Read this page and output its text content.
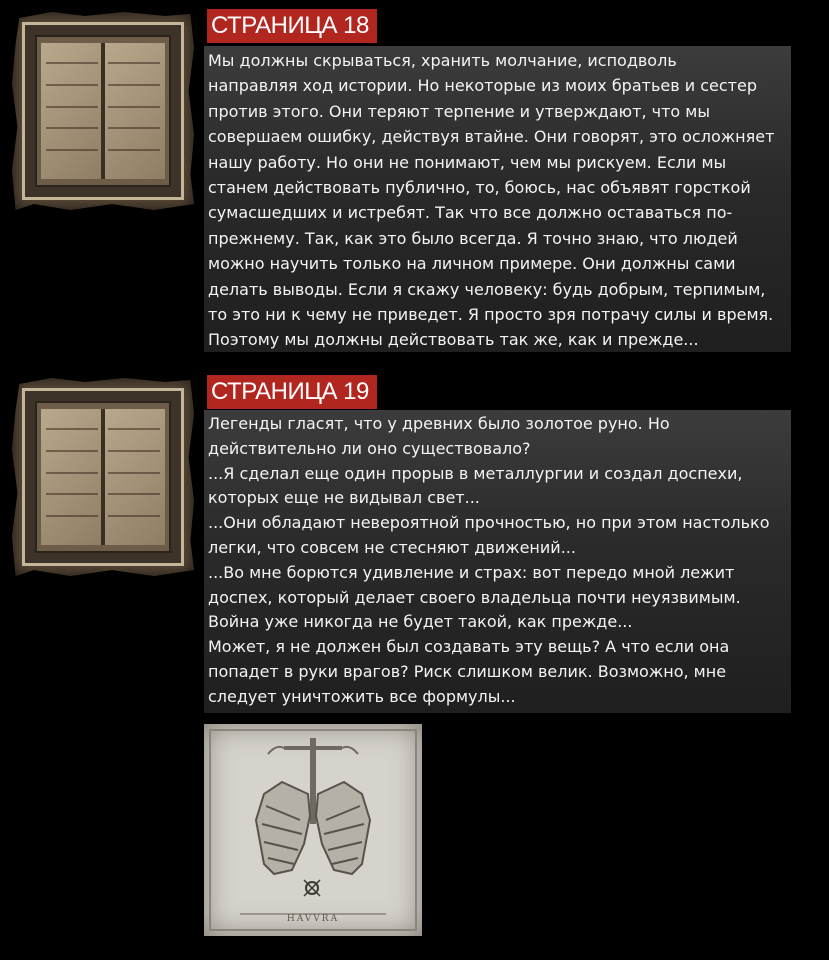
СТРАНИЦА 18

Мы должны скрываться, хранить молчание, исподволь

направляя ход истории. Но некоторые из моих братьев и сестер

против этого. Они теряют терпение и утверждают, что мы

совершаем ошибку, действуя втайне. Они говорят, это осложняет

нашу работу. Но они не понимают, чем мы рискуем. Если мы

станем действовать публично, то, боюсь, нас объявят горсткой

сумасшедших и истребят. Так что все должно оставаться по-

прежнему. Так, как это было всегда. Я точно знаю, что людей

можно научить только на личном примере. Они должны сами

делать выводы. Если я скажу человеку: будь добрым, терпимым,

то это ни к чему не приведет. Я просто зря потрачу силы и время.

Поэтому мы должны действовать так же, как и прежде...

СТРАНИЦА 19

Легенды гласят, что у древних было золотое руно. Но

действительно ли оно существовало?

...Я сделал еще один прорыв в металлургии и создал доспехи,

которых еще не видывал свет...

...Они обладают невероятной прочностью, но при этом настолько

легки, что совсем не стесняют движений...

...Во мне борются удивление и страх: вот передо мной лежит

доспех, который делает своего владельца почти неуязвимым.

Война уже никогда не будет такой, как прежде...

Может, я не должен был создавать эту вещь? А что если она

попадет в руки врагов? Риск слишком велик. Возможно, мне

следует уничтожить все формулы...

HAVVRA
